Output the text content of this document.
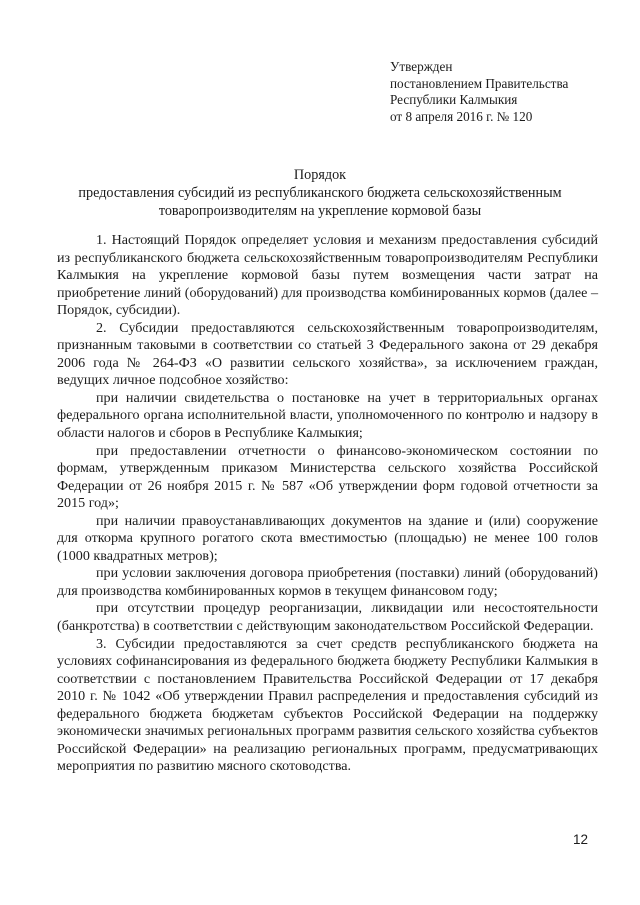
Утвержден
постановлением Правительства
Республики Калмыкия
от 8 апреля 2016 г. № 120
Порядок
предоставления субсидий из республиканского бюджета сельскохозяйственным
товаропроизводителям на укрепление кормовой базы

1. Настоящий Порядок определяет условия и механизм предоставления субсидий из республиканского бюджета сельскохозяйственным товаропроизводителям Республики Калмыкия на укрепление кормовой базы путем возмещения части затрат на приобретение линий (оборудований) для производства комбинированных кормов (далее – Порядок, субсидии).

2. Субсидии предоставляются сельскохозяйственным товаропроизводителям, признанным таковыми в соответствии со статьей 3 Федерального закона от 29 декабря 2006 года № 264-ФЗ «О развитии сельского хозяйства», за исключением граждан, ведущих личное подсобное хозяйство:

при наличии свидетельства о постановке на учет в территориальных органах федерального органа исполнительной власти, уполномоченного по контролю и надзору в области налогов и сборов в Республике Калмыкия;

при предоставлении отчетности о финансово-экономическом состоянии по формам, утвержденным приказом Министерства сельского хозяйства Российской Федерации от 26 ноября 2015 г. № 587 «Об утверждении форм годовой отчетности за 2015 год»;

при наличии правоустанавливающих документов на здание и (или) сооружение для откорма крупного рогатого скота вместимостью (площадью) не менее 100 голов (1000 квадратных метров);

при условии заключения договора приобретения (поставки) линий (оборудований) для производства комбинированных кормов в текущем финансовом году;

при отсутствии процедур реорганизации, ликвидации или несостоятельности (банкротства) в соответствии с действующим законодательством Российской Федерации.

3. Субсидии предоставляются за счет средств республиканского бюджета на условиях софинансирования из федерального бюджета бюджету Республики Калмыкия в соответствии с постановлением Правительства Российской Федерации от 17 декабря 2010 г. № 1042 «Об утверждении Правил распределения и предоставления субсидий из федерального бюджета бюджетам субъектов Российской Федерации на поддержку экономически значимых региональных программ развития сельского хозяйства субъектов Российской Федерации» на реализацию региональных программ, предусматривающих мероприятия по развитию мясного скотоводства.

12
